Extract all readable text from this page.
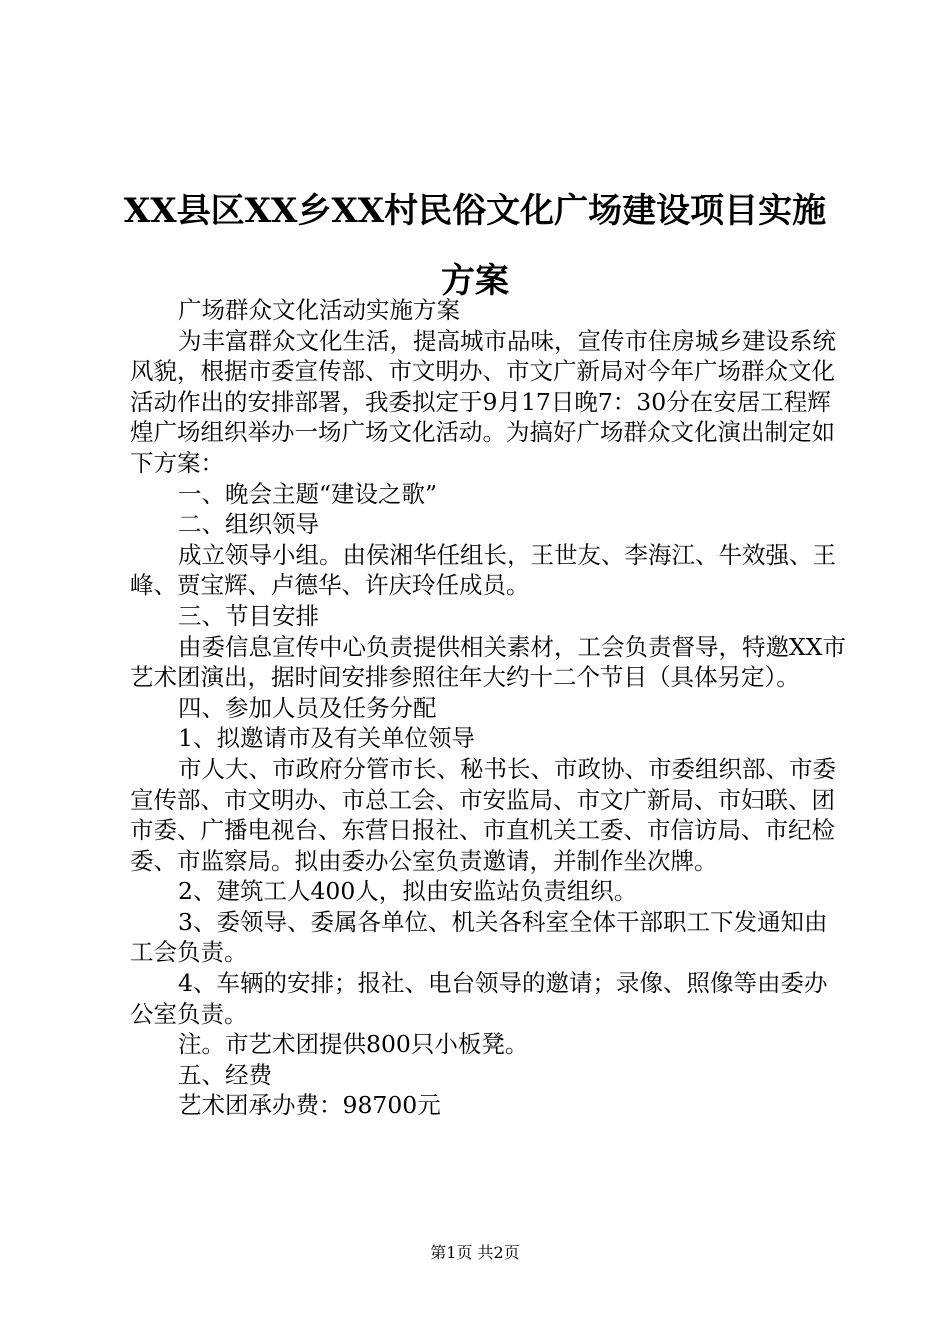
XX县区XX乡XX村民俗文化广场建设项目实施方案

广场群众文化活动实施方案

为丰富群众文化生活，提高城市品味，宣传市住房城乡建设系统风貌，根据市委宣传部、市文明办、市文广新局对今年广场群众文化活动作出的安排部署，我委拟定于9月17日晚7：30分在安居工程辉煌广场组织举办一场广场文化活动。为搞好广场群众文化演出制定如下方案：

一、晚会主题“建设之歌”

二、组织领导

成立领导小组。由侯湘华任组长，王世友、李海江、牛效强、王峰、贾宝辉、卢德华、许庆玲任成员。

三、节目安排

由委信息宣传中心负责提供相关素材，工会负责督导，特邀XX市艺术团演出，据时间安排参照往年大约十二个节目（具体另定）。

四、参加人员及任务分配

1、拟邀请市及有关单位领导

市人大、市政府分管市长、秘书长、市政协、市委组织部、市委宣传部、市文明办、市总工会、市安监局、市文广新局、市妇联、团市委、广播电视台、东营日报社、市直机关工委、市信访局、市纪检委、市监察局。拟由委办公室负责邀请，并制作坐次牌。

2、建筑工人400人，拟由安监站负责组织。

3、委领导、委属各单位、机关各科室全体干部职工下发通知由工会负责。

4、车辆的安排；报社、电台领导的邀请；录像、照像等由委办公室负责。

注。市艺术团提供800只小板凳。

五、经费

艺术团承办费：98700元

第1页 共2页
